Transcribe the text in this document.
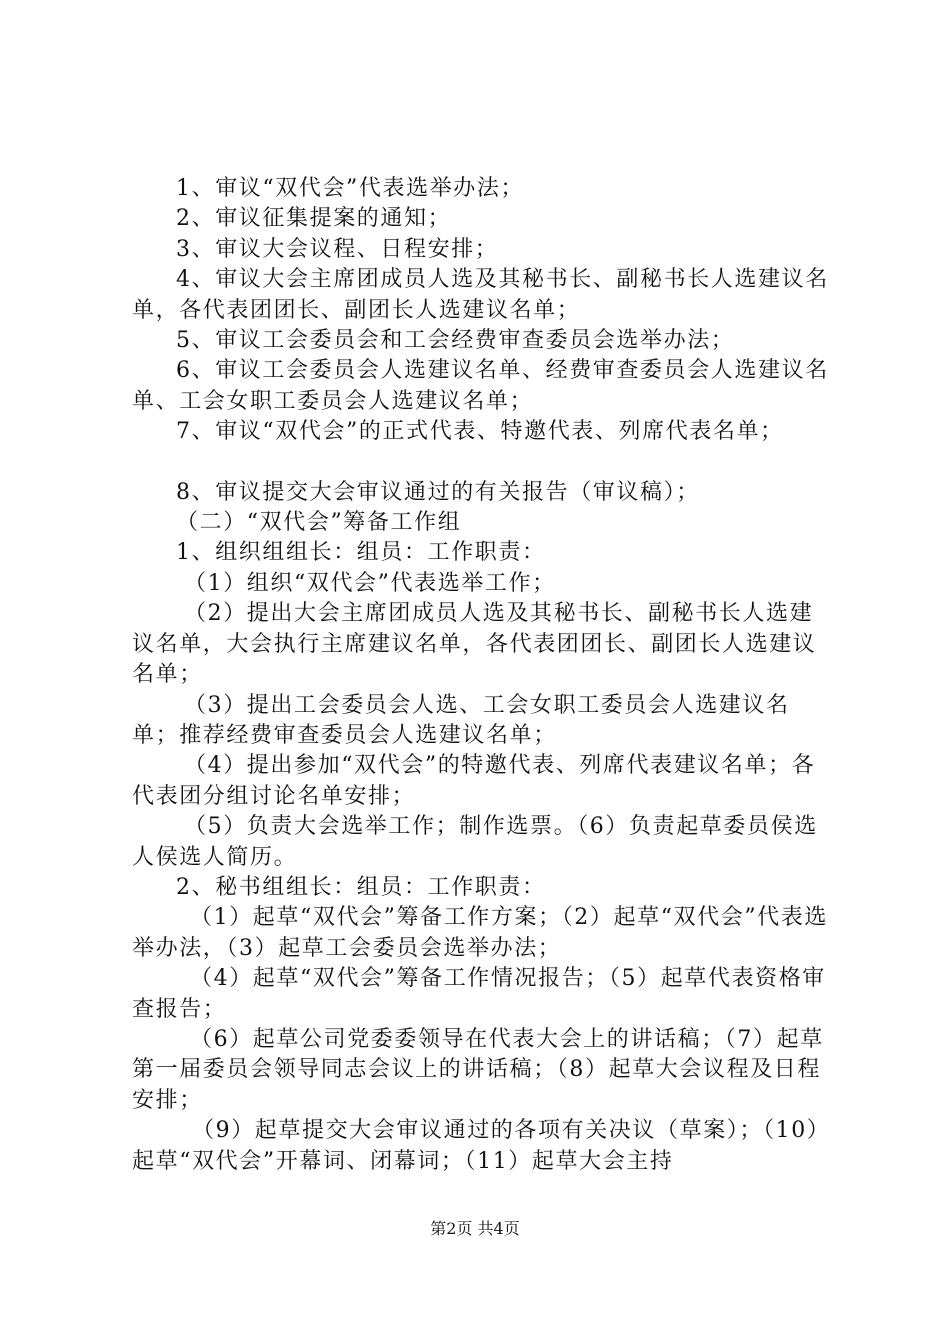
1、审议“双代会”代表选举办法；

2、审议征集提案的通知；

3、审议大会议程、日程安排；

4、审议大会主席团成员人选及其秘书长、副秘书长人选建议名单，各代表团团长、副团长人选建议名单；

5、审议工会委员会和工会经费审查委员会选举办法；

6、审议工会委员会人选建议名单、经费审查委员会人选建议名单、工会女职工委员会人选建议名单；

7、审议“双代会”的正式代表、特邀代表、列席代表名单；

8、审议提交大会审议通过的有关报告（审议稿）；

（二）“双代会”筹备工作组

1、组织组组长：组员：工作职责：

（1）组织“双代会”代表选举工作；

（2）提出大会主席团成员人选及其秘书长、副秘书长人选建议名单，大会执行主席建议名单，各代表团团长、副团长人选建议名单；

（3）提出工会委员会人选、工会女职工委员会人选建议名单；推荐经费审查委员会人选建议名单；

（4）提出参加“双代会”的特邀代表、列席代表建议名单；各代表团分组讨论名单安排；

（5）负责大会选举工作；制作选票。（6）负责起草委员侯选人侯选人简历。

2、秘书组组长：组员：工作职责：

（1）起草“双代会”筹备工作方案；（2）起草“双代会”代表选举办法，（3）起草工会委员会选举办法；

（4）起草“双代会”筹备工作情况报告；（5）起草代表资格审查报告；

（6）起草公司党委委领导在代表大会上的讲话稿；（7）起草第一届委员会领导同志会议上的讲话稿；（8）起草大会议程及日程安排；

（9）起草提交大会审议通过的各项有关决议（草案）；（10）起草“双代会”开幕词、闭幕词；（11）起草大会主持

第2页 共4页
